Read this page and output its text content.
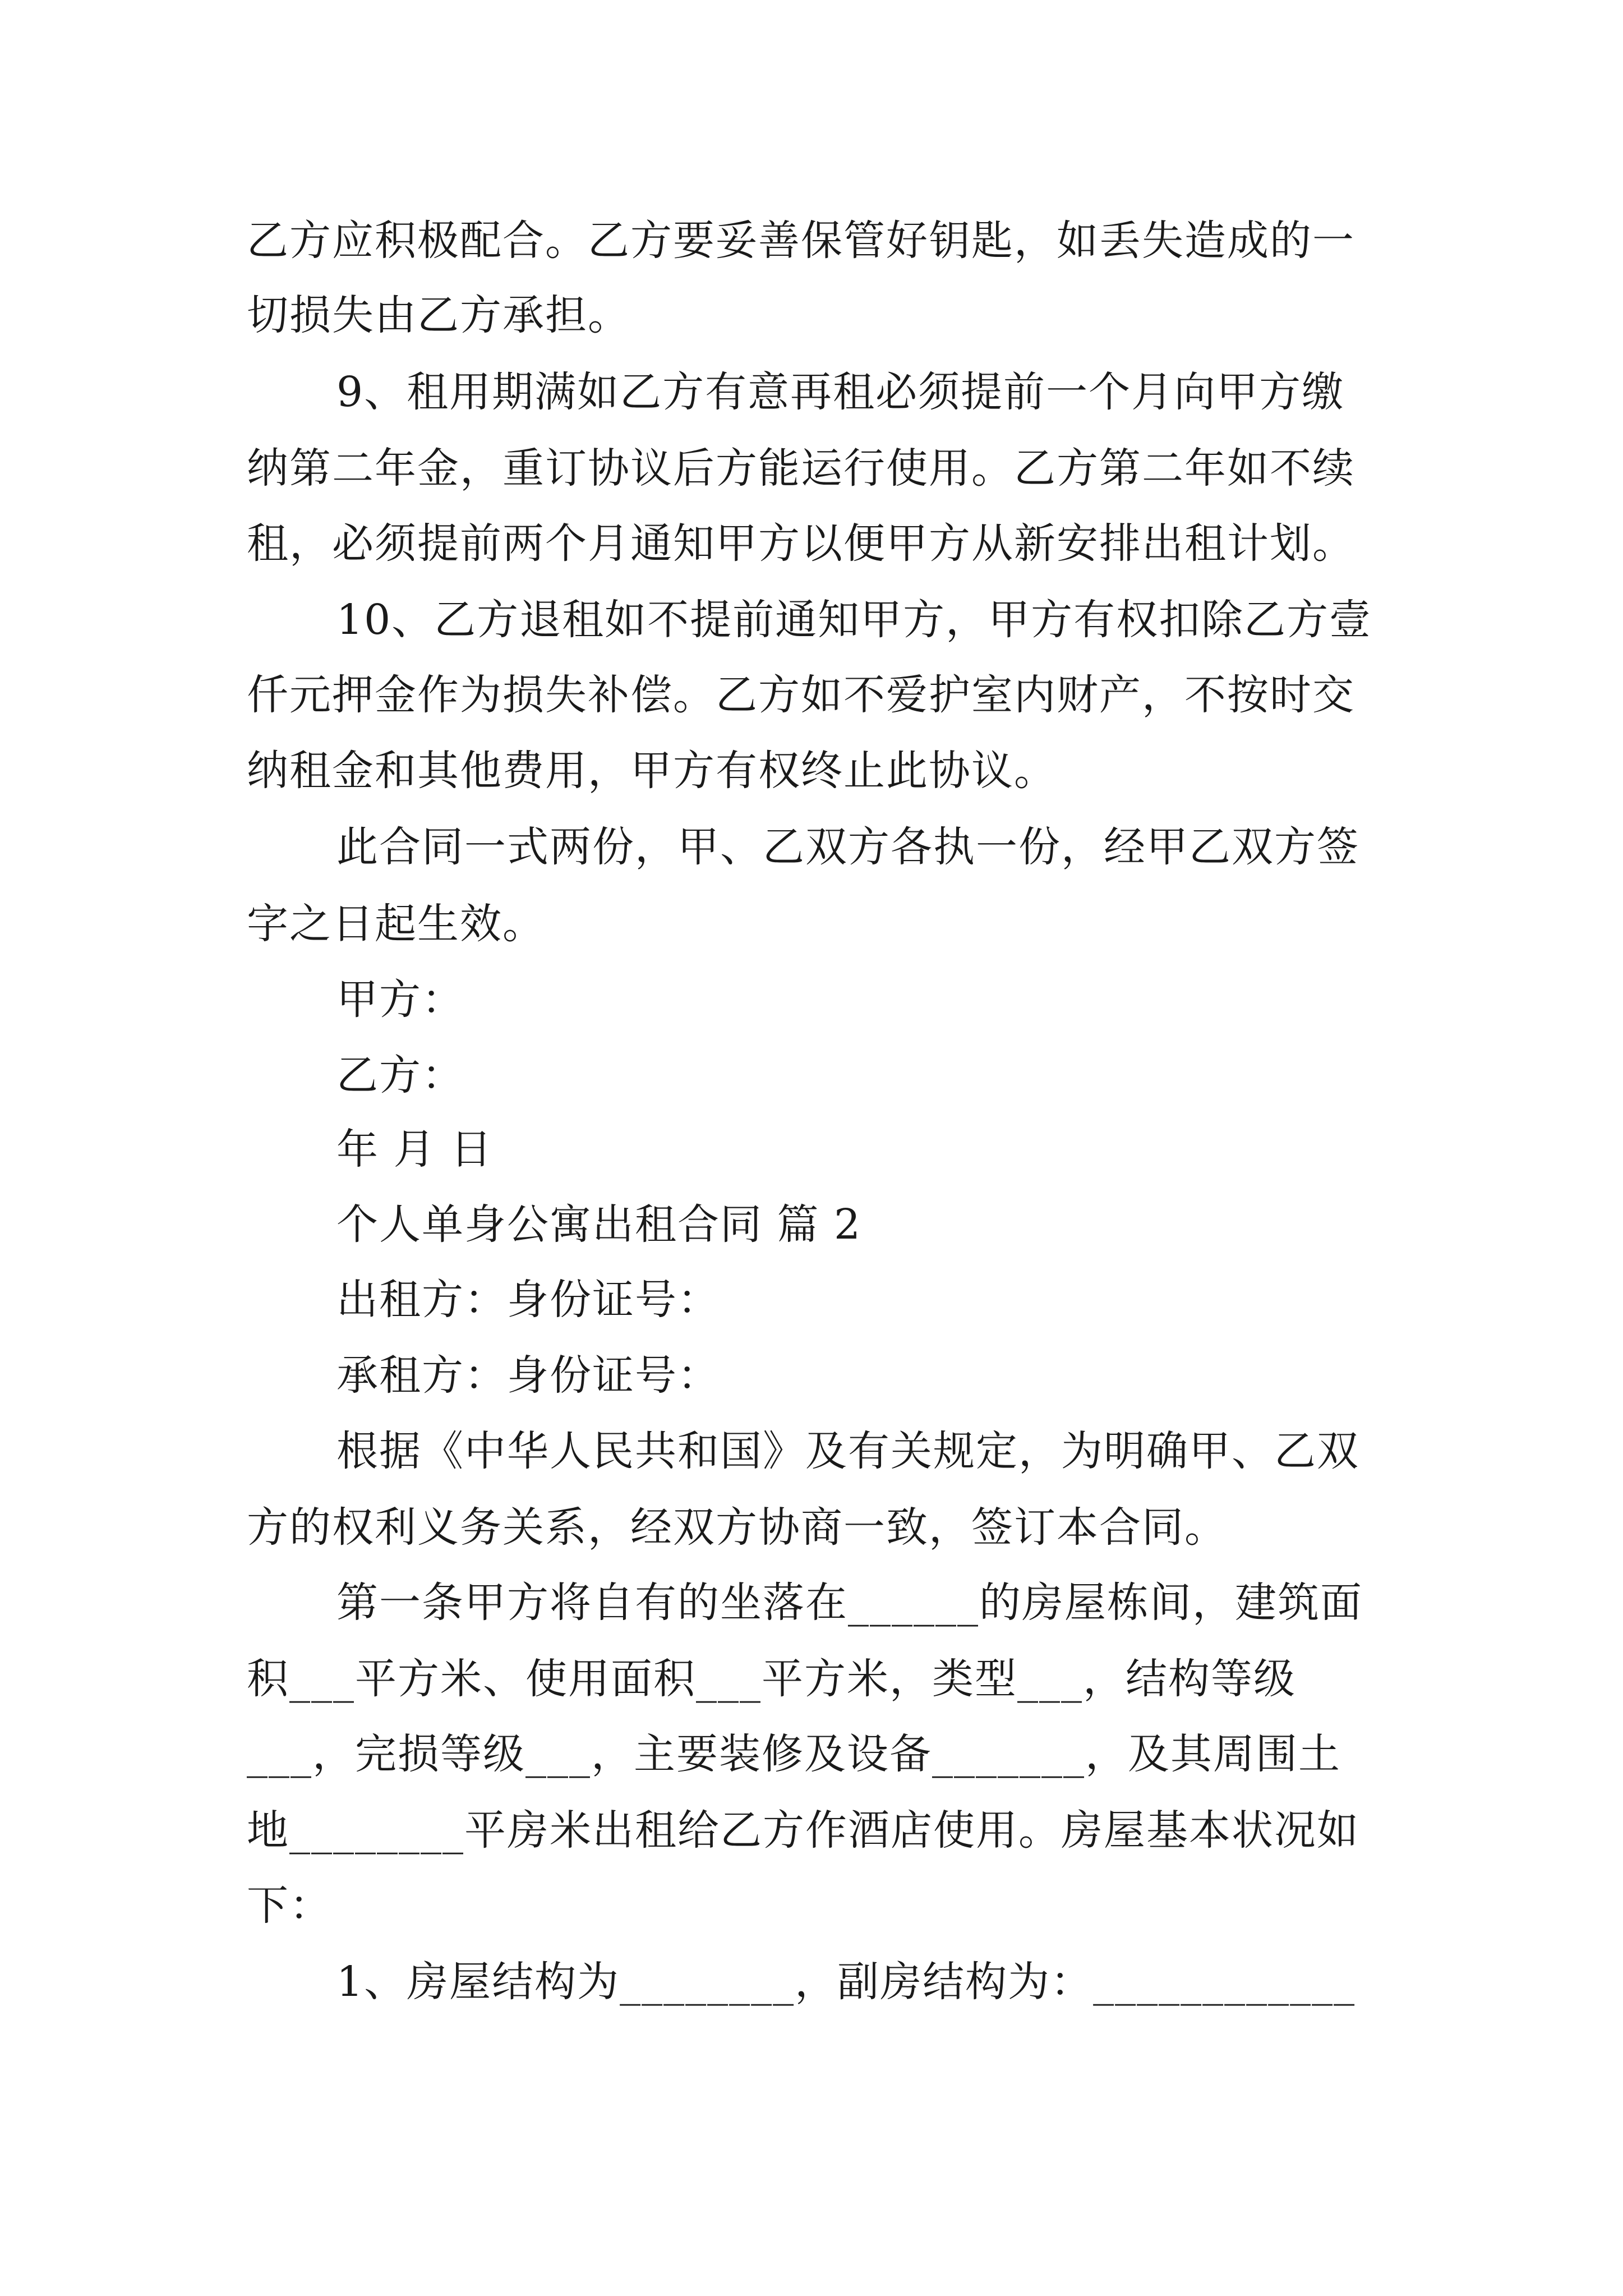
乙方应积极配合。乙方要妥善保管好钥匙，如丢失造成的一
切损失由乙方承担。
9、租用期满如乙方有意再租必须提前一个月向甲方缴
纳第二年金，重订协议后方能运行使用。乙方第二年如不续
租，必须提前两个月通知甲方以便甲方从新安排出租计划。
10、乙方退租如不提前通知甲方，甲方有权扣除乙方壹
仟元押金作为损失补偿。乙方如不爱护室内财产，不按时交
纳租金和其他费用，甲方有权终止此协议。
此合同一式两份，甲、乙双方各执一份，经甲乙双方签
字之日起生效。
甲方：
乙方：
年 月 日
个人单身公寓出租合同 篇 2
出租方：身份证号：
承租方：身份证号：
根据《中华人民共和国》及有关规定，为明确甲、乙双
方的权利义务关系，经双方协商一致，签订本合同。
第一条甲方将自有的坐落在______的房屋栋间，建筑面
积___平方米、使用面积___平方米，类型___，结构等级
___，完损等级___，主要装修及设备_______，及其周围土
地________平房米出租给乙方作酒店使用。房屋基本状况如
下：
1、房屋结构为________，副房结构为：____________
